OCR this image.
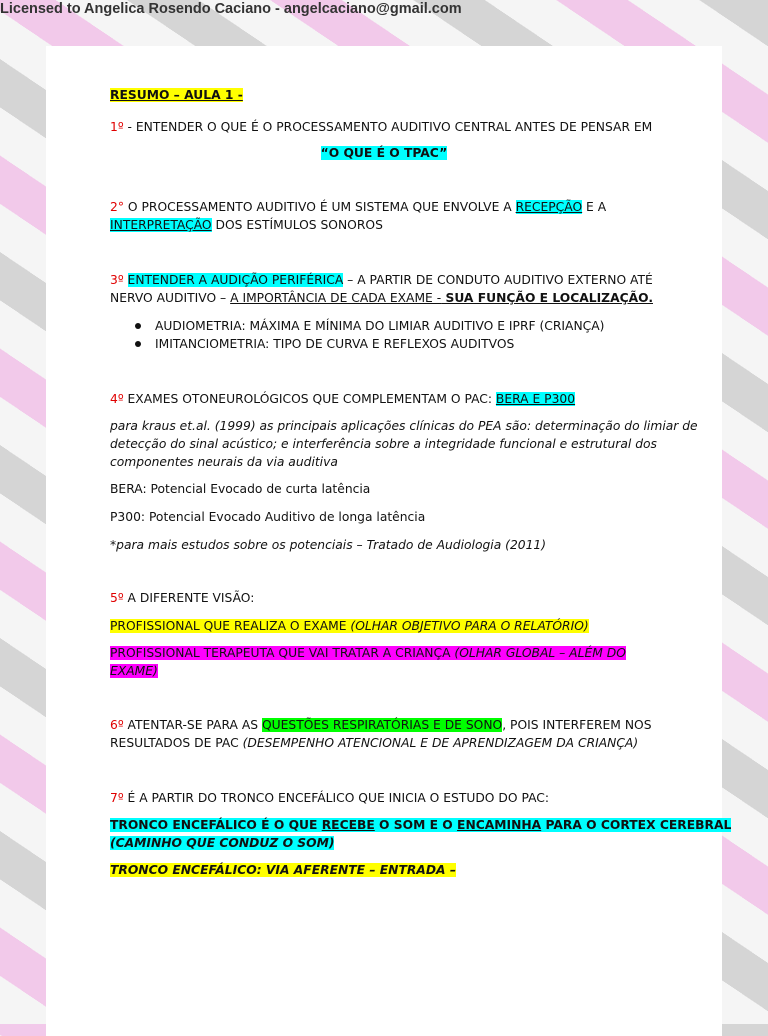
Licensed to Angelica Rosendo Caciano - angelcaciano@gmail.com
RESUMO – AULA 1 -
1º - ENTENDER O QUE É O PROCESSAMENTO AUDITIVO CENTRAL ANTES DE PENSAR EM
“O QUE É O TPAC”
2° O PROCESSAMENTO AUDITIVO É UM SISTEMA QUE ENVOLVE A RECEPÇÃO E A
INTERPRETAÇÃO DOS ESTÍMULOS SONOROS
3º ENTENDER A AUDIÇÃO PERIFÉRICA – A PARTIR DE CONDUTO AUDITIVO EXTERNO ATÉ
NERVO AUDITIVO – A IMPORTÂNCIA DE CADA EXAME - SUA FUNÇÃO E LOCALIZAÇÃO.
AUDIOMETRIA: MÁXIMA E MÍNIMA DO LIMIAR AUDITIVO E IPRF (CRIANÇA)
IMITANCIOMETRIA: TIPO DE CURVA E REFLEXOS AUDITVOS
4º EXAMES OTONEUROLÓGICOS QUE COMPLEMENTAM O PAC: BERA E P300
para kraus et.al. (1999) as principais aplicações clínicas do PEA são: determinação do limiar de
detecção do sinal acústico; e interferência sobre a integridade funcional e estrutural dos
componentes neurais da via auditiva
BERA: Potencial Evocado de curta latência
P300: Potencial Evocado Auditivo de longa latência
*para mais estudos sobre os potenciais – Tratado de Audiologia (2011)
5º A DIFERENTE VISÃO:
PROFISSIONAL QUE REALIZA O EXAME (OLHAR OBJETIVO PARA O RELATÓRIO)
PROFISSIONAL TERAPEUTA QUE VAI TRATAR A CRIANÇA (OLHAR GLOBAL – ALÉM DO
EXAME)
6º ATENTAR-SE PARA AS QUESTÕES RESPIRATÓRIAS E DE SONO, POIS INTERFEREM NOS
RESULTADOS DE PAC (DESEMPENHO ATENCIONAL E DE APRENDIZAGEM DA CRIANÇA)
7º É A PARTIR DO TRONCO ENCEFÁLICO QUE INICIA O ESTUDO DO PAC:
TRONCO ENCEFÁLICO É O QUE RECEBE O SOM E O ENCAMINHA PARA O CORTEX CEREBRAL
(CAMINHO QUE CONDUZ O SOM)
TRONCO ENCEFÁLICO: VIA AFERENTE – ENTRADA –
